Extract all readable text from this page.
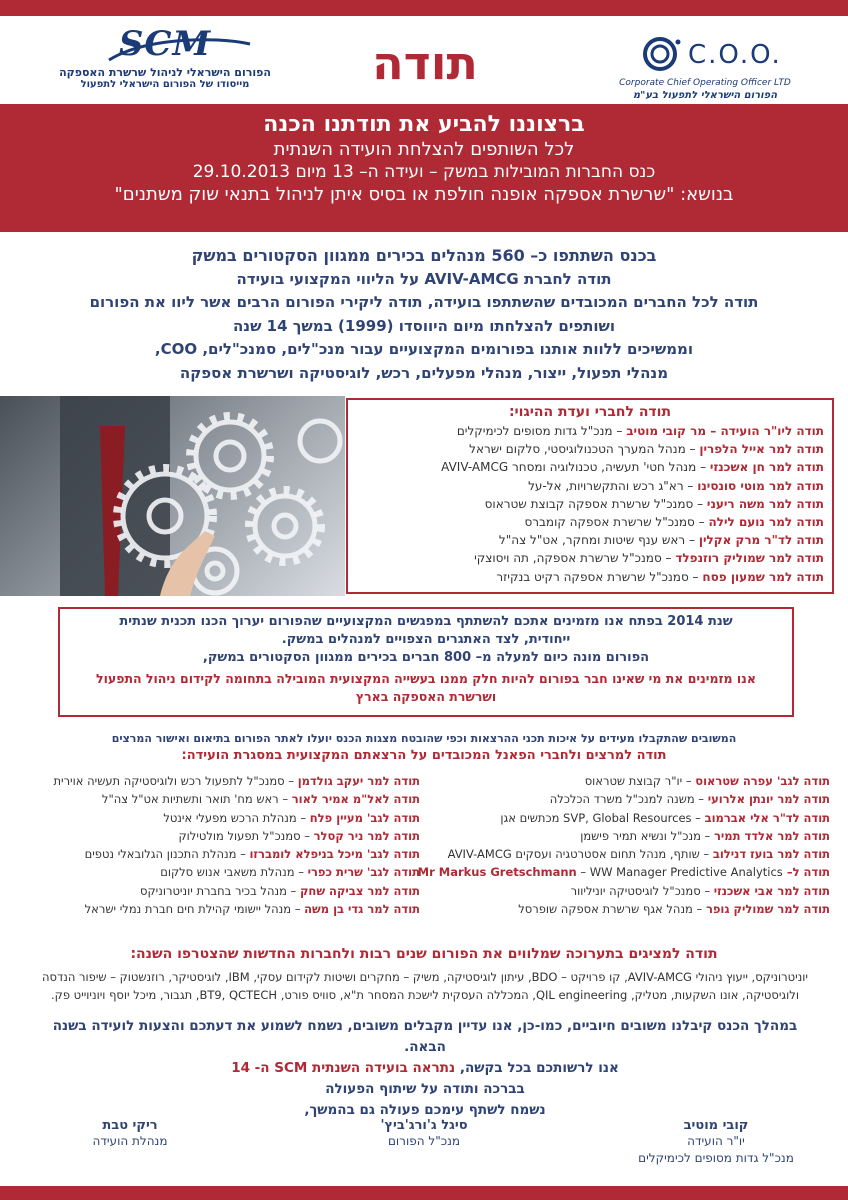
SCM
הפורום הישראלי לניהול שרשרת האספקה
מייסודו של הפורום הישראלי לתפעול	תודה	C.O.O.
Corporate Chief Operating Officer LTD
הפורום הישראלי לתפעול בע"מ
ברצוננו להביע את תודתנו הכנה
לכל השותפים להצלחת הועידה השנתית
כנס החברות המובילות במשק – ועידה ה– 13 מיום 29.10.2013
בנושא: "שרשרת אספקה אופנה חולפת או בסיס איתן לניהול בתנאי שוק משתנים"
בכנס השתתפו כ– 560 מנהלים בכירים ממגוון הסקטורים במשק
תודה לחברת AVIV-AMCG על הליווי המקצועי בועידה
תודה לכל החברים המכובדים שהשתתפו בועידה, תודה ליקירי הפורום הרבים אשר ליוו את הפורום
ושותפים להצלחתו מיום היווסדו (1999) במשך 14 שנה
וממשיכים ללוות אותנו בפורומים המקצועיים עבור מנכ"לים, סמנכ"לים, COO,
מנהלי תפעול, ייצור, מנהלי מפעלים, רכש, לוגיסטיקה ושרשרת אספקה
תודה לחברי ועדת ההיגוי:
תודה ליו"ר הועידה – מר קובי מוטיב – מנכ"ל גדות מסופים לכימיקלים
תודה למר אייל הלפרין – מנהל המערך הטכנולוגיסטי, סלקום ישראל
תודה למר חן אשכנזי – מנהל חטי' תעשיה, טכנולוגיה ומסחר AVIV-AMCG
תודה למר מוטי סונסינו – רא"ג רכש והתקשרויות, אל-על
תודה למר משה ריעני – סמנכ"ל שרשרת אספקה קבוצת שטראוס
תודה למר נועם לילה – סמנכ"ל שרשרת אספקה קומברס
תודה לד"ר מרק אקלין – ראש ענף שיטות ומחקר, אט"ל צה"ל
תודה למר שמוליק רוזנפלד – סמנכ"ל שרשרת אספקה, תה ויסוצקי
תודה למר שמעון פסח – סמנכ"ל שרשרת אספקה רקיט בנקיזר
שנת 2014 בפתח אנו מזמינים אתכם להשתתף במפגשים המקצועיים שהפורום יערוך הכנו תכנית שנתית
ייחודית, לצד האתגרים הצפויים למנהלים במשק.
הפורום מונה כיום למעלה מ– 800 חברים בכירים ממגוון הסקטורים במשק,
אנו מזמינים את מי שאינו חבר בפורום להיות חלק ממנו בעשייה המקצועית המובילה בתחומה לקידום ניהול התפעול
ושרשרת האספקה בארץ
המשובים שהתקבלו מעידים על איכות תכני ההרצאות וכפי שהובטח מצגות הכנס יועלו לאתר הפורום בתיאום ואישור המרצים
תודה למרצים ולחברי הפאנל המכובדים על הרצאתם המקצועית במסגרת הועידה:
תודה לגב' עפרה שטראוס – יו"ר קבוצת שטראוס
תודה למר יונתן אלרועי – משנה למנכ"ל משרד הכלכלה
תודה לד"ר אלי אברמוב – SVP, Global Resources מכתשים אגן
תודה למר אלדד תמיר – מנכ"ל ונשיא תמיר פישמן
תודה למר בועז דנילוב – שותף, מנהל תחום אסטרטגיה ועסקים AVIV-AMCG
תודה ל– Mr Markus Gretschmann – WW Manager Predictive Analytics
תודה למר אבי אשכנזי – סמנכ"ל לוגיסטיקה יוניליוור
תודה למר שמוליק גופר – מנהל אגף שרשרת אספקה שופרסל
תודה למר יעקב גולדמן – סמנכ"ל לתפעול רכש ולוגיסטיקה תעשיה אוירית
תודה לאל"מ אמיר לאור – ראש מח' תואר ותשתיות אט"ל צה"ל
תודה לגב' מעיין פלח – מנהלת הרכש מפעלי אינטל
תודה למר ניר קסלר – סמנכ"ל תפעול מולטילוק
תודה לגב' מיכל בניפלא לומברזו – מנהלת התכנון הגלובאלי נטפים
תודה לגב' שרית כפרי – מנהלת משאבי אנוש סלקום
תודה למר צביקה שחק – מנהל בכיר בחברת יוניטרוניקס
תודה למר גדי בן משה – מנהל יישומי קהילת חים חברת נמלי ישראל
תודה למציגים בתערוכה שמלווים את הפורום שנים רבות ולחברות החדשות שהצטרפו השנה:
יוניטרוניקס, ייעוץ ניהולי AVIV-AMCG, קו פרויקט – BDO, עיתון לוגיסטיקה, משיק – מחקרים ושיטות לקידום עסקי, IBM, לוגיסטיקר, רוזנשטוק – שיפור הנדסה
ולוגיסטיקה, אונו השקעות, מטליק, QIL engineering, המכללה העסקית לישכת המסחר ת"א, סוויס פורט, BT9, QCTECH, תגבור, מיכל יוסף ויוניוייט פק.
במהלך הכנס קיבלנו משובים חיוביים, כמו-כן, אנו עדיין מקבלים משובים, נשמח לשמוע את דעתכם והצעות לועידה בשנה הבאה.
אנו לרשותכם בכל בקשה, נתראה בועידה השנתית SCM ה- 14
בברכה ותודה על שיתוף הפעולה
נשמח לשתף עימכם פעולה גם בהמשך,
ריקי טבת
מנהלת הועידה
סיגל ג'ורג'ביץ'
מנכ"ל הפורום
קובי מוטיב
יו"ר הועידה
מנכ"ל גדות מסופים לכימיקלים
